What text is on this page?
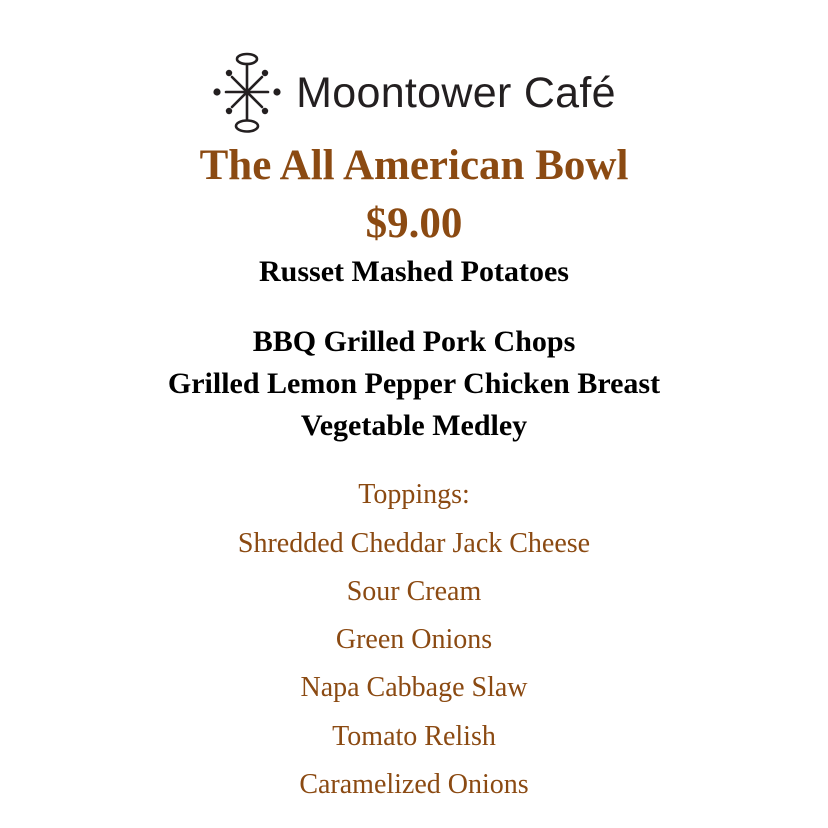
Moontower Café
The All American Bowl
$9.00
Russet Mashed Potatoes
BBQ Grilled Pork Chops
Grilled Lemon Pepper Chicken Breast
Vegetable Medley
Toppings:
Shredded Cheddar Jack Cheese
Sour Cream
Green Onions
Napa Cabbage Slaw
Tomato Relish
Caramelized Onions
